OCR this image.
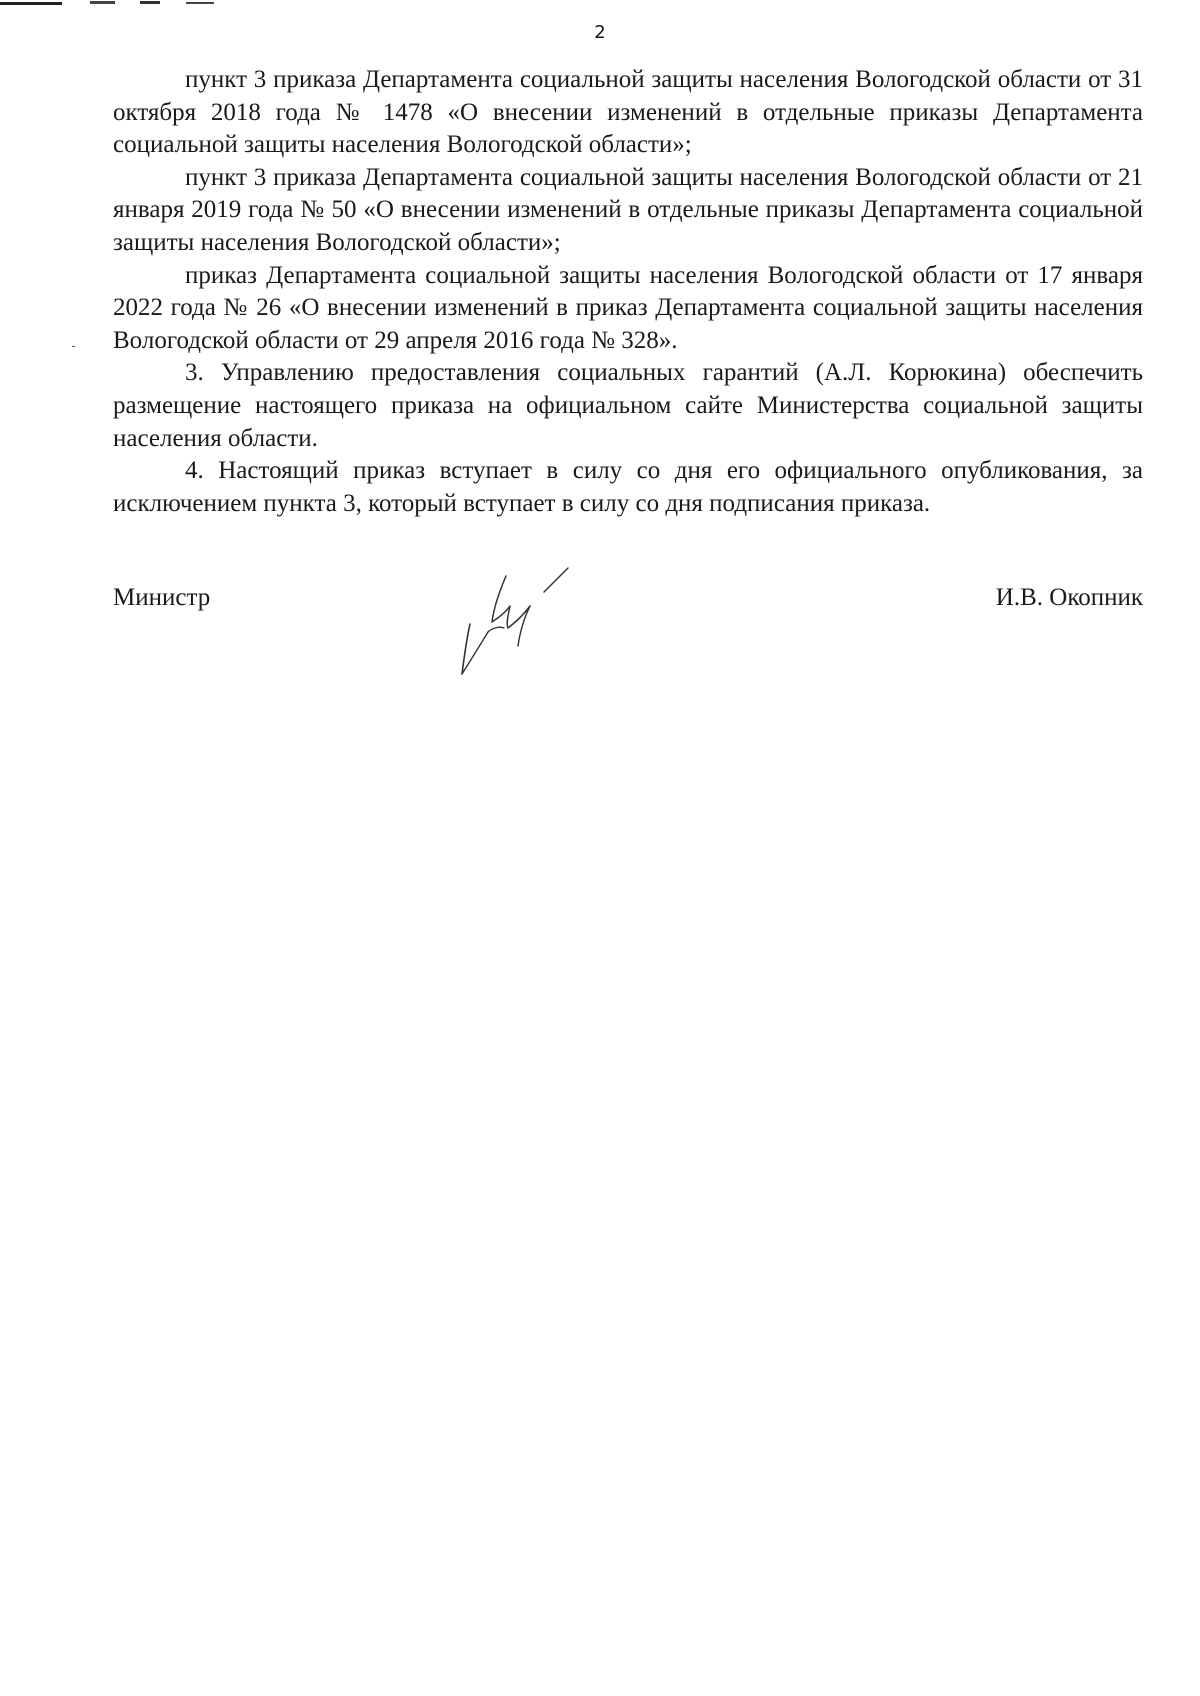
2

пункт 3 приказа Департамента социальной защиты населения Вологодской области от 31 октября 2018 года № 1478 «О внесении изменений в отдельные приказы Департамента социальной защиты населения Вологодской области»;

пункт 3 приказа Департамента социальной защиты населения Вологодской области от 21 января 2019 года № 50 «О внесении изменений в отдельные приказы Департамента социальной защиты населения Вологодской области»;

приказ Департамента социальной защиты населения Вологодской области от 17 января 2022 года № 26 «О внесении изменений в приказ Департамента социальной защиты населения Вологодской области от 29 апреля 2016 года № 328».

3. Управлению предоставления социальных гарантий (А.Л. Корюкина) обеспечить размещение настоящего приказа на официальном сайте Министерства социальной защиты населения области.

4. Настоящий приказ вступает в силу со дня его официального опубликования, за исключением пункта 3, который вступает в силу со дня подписания приказа.

Министр	И.В. Окопник
